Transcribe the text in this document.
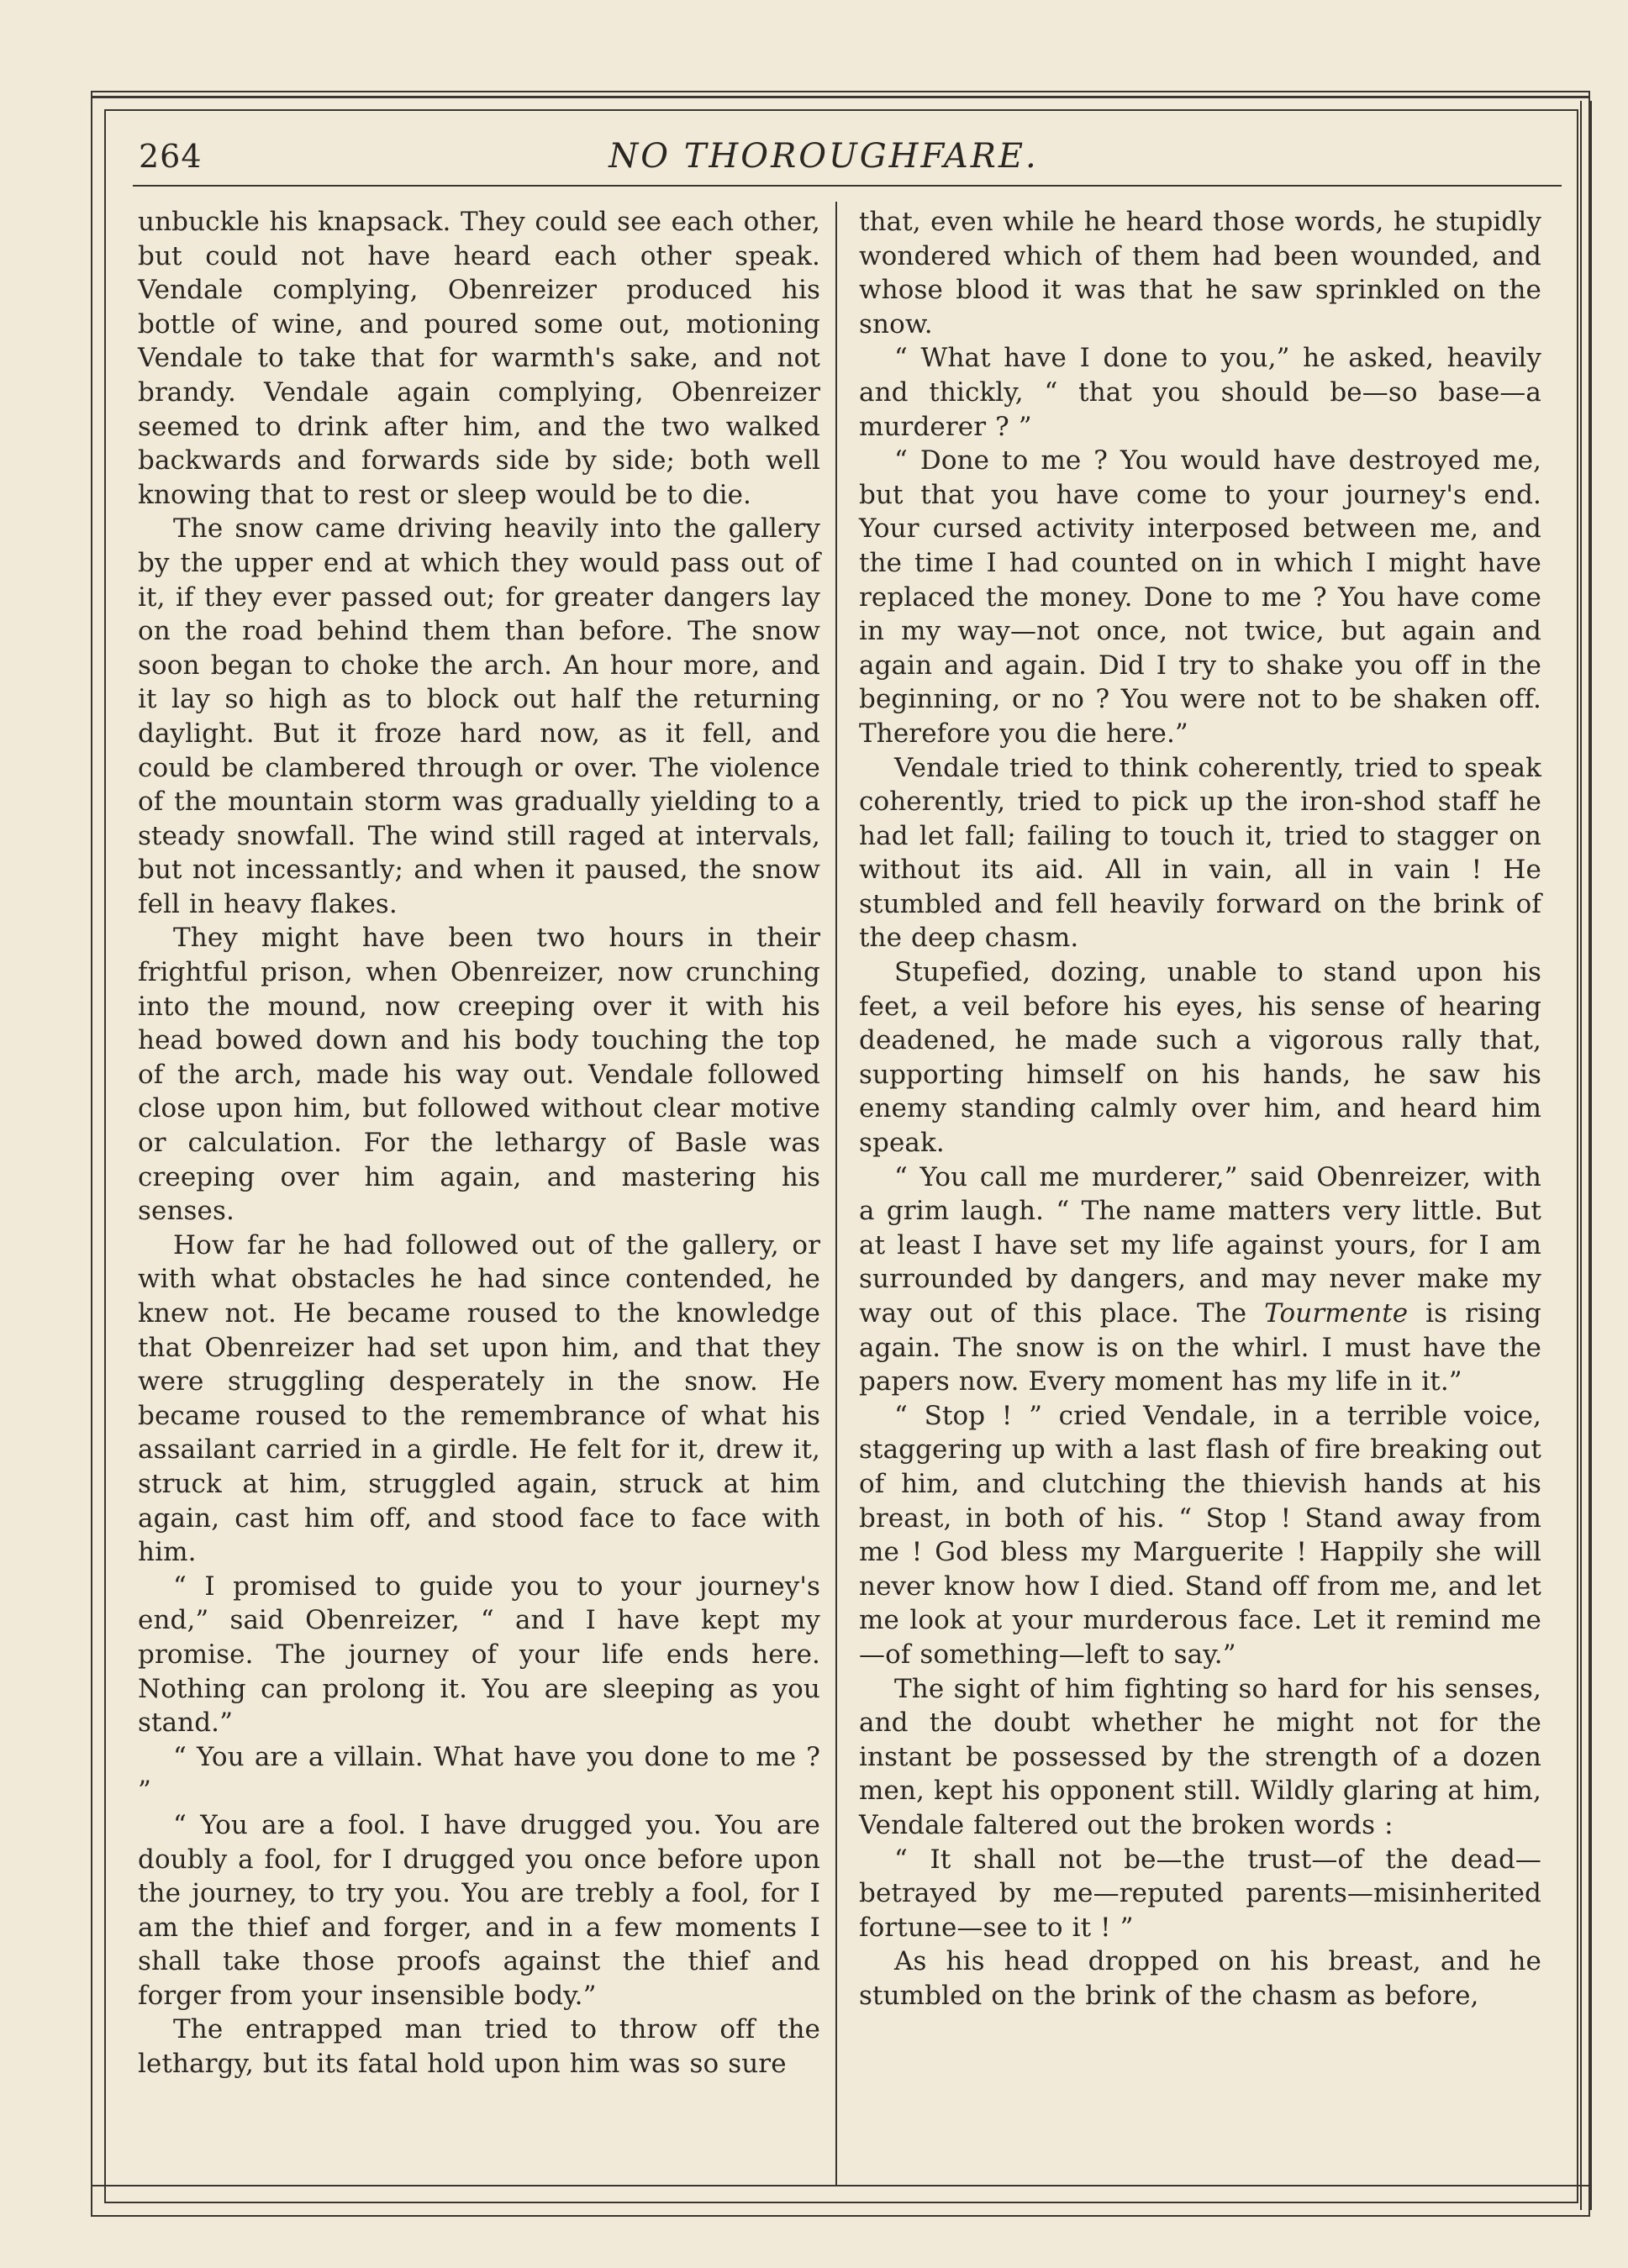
264	NO THOROUGHFARE.

unbuckle his knapsack. They could see each other, but could not have heard each other speak. Vendale complying, Obenreizer produced his bottle of wine, and poured some out, motioning Vendale to take that for warmth's sake, and not brandy. Vendale again complying, Obenreizer seemed to drink after him, and the two walked backwards and forwards side by side; both well knowing that to rest or sleep would be to die.

The snow came driving heavily into the gallery by the upper end at which they would pass out of it, if they ever passed out; for greater dangers lay on the road behind them than before. The snow soon began to choke the arch. An hour more, and it lay so high as to block out half the returning daylight. But it froze hard now, as it fell, and could be clambered through or over. The violence of the mountain storm was gradually yielding to a steady snowfall. The wind still raged at intervals, but not incessantly; and when it paused, the snow fell in heavy flakes.

They might have been two hours in their frightful prison, when Obenreizer, now crunching into the mound, now creeping over it with his head bowed down and his body touching the top of the arch, made his way out. Vendale followed close upon him, but followed without clear motive or calculation. For the lethargy of Basle was creeping over him again, and mastering his senses.

How far he had followed out of the gallery, or with what obstacles he had since contended, he knew not. He became roused to the knowledge that Obenreizer had set upon him, and that they were struggling desperately in the snow. He became roused to the remembrance of what his assailant carried in a girdle. He felt for it, drew it, struck at him, struggled again, struck at him again, cast him off, and stood face to face with him.

“ I promised to guide you to your journey's end,” said Obenreizer, “ and I have kept my promise. The journey of your life ends here. Nothing can prolong it. You are sleeping as you stand.”

“ You are a villain. What have you done to me ? ”

“ You are a fool. I have drugged you. You are doubly a fool, for I drugged you once before upon the journey, to try you. You are trebly a fool, for I am the thief and forger, and in a few moments I shall take those proofs against the thief and forger from your insensible body.”

The entrapped man tried to throw off the lethargy, but its fatal hold upon him was so sure

that, even while he heard those words, he stupidly wondered which of them had been wounded, and whose blood it was that he saw sprinkled on the snow.

“ What have I done to you,” he asked, heavily and thickly, “ that you should be—so base—a murderer ? ”

“ Done to me ? You would have destroyed me, but that you have come to your journey's end. Your cursed activity interposed between me, and the time I had counted on in which I might have replaced the money. Done to me ? You have come in my way—not once, not twice, but again and again and again. Did I try to shake you off in the beginning, or no ? You were not to be shaken off. Therefore you die here.”

Vendale tried to think coherently, tried to speak coherently, tried to pick up the iron-shod staff he had let fall; failing to touch it, tried to stagger on without its aid. All in vain, all in vain ! He stumbled and fell heavily forward on the brink of the deep chasm.

Stupefied, dozing, unable to stand upon his feet, a veil before his eyes, his sense of hearing deadened, he made such a vigorous rally that, supporting himself on his hands, he saw his enemy standing calmly over him, and heard him speak.

“ You call me murderer,” said Obenreizer, with a grim laugh. “ The name matters very little. But at least I have set my life against yours, for I am surrounded by dangers, and may never make my way out of this place. The Tourmente is rising again. The snow is on the whirl. I must have the papers now. Every moment has my life in it.”

“ Stop ! ” cried Vendale, in a terrible voice, staggering up with a last flash of fire breaking out of him, and clutching the thievish hands at his breast, in both of his. “ Stop ! Stand away from me ! God bless my Marguerite ! Happily she will never know how I died. Stand off from me, and let me look at your murderous face. Let it remind me—of something—left to say.”

The sight of him fighting so hard for his senses, and the doubt whether he might not for the instant be possessed by the strength of a dozen men, kept his opponent still. Wildly glaring at him, Vendale faltered out the broken words :

“ It shall not be—the trust—of the dead—betrayed by me—reputed parents—misinherited fortune—see to it ! ”

As his head dropped on his breast, and he stumbled on the brink of the chasm as before,
